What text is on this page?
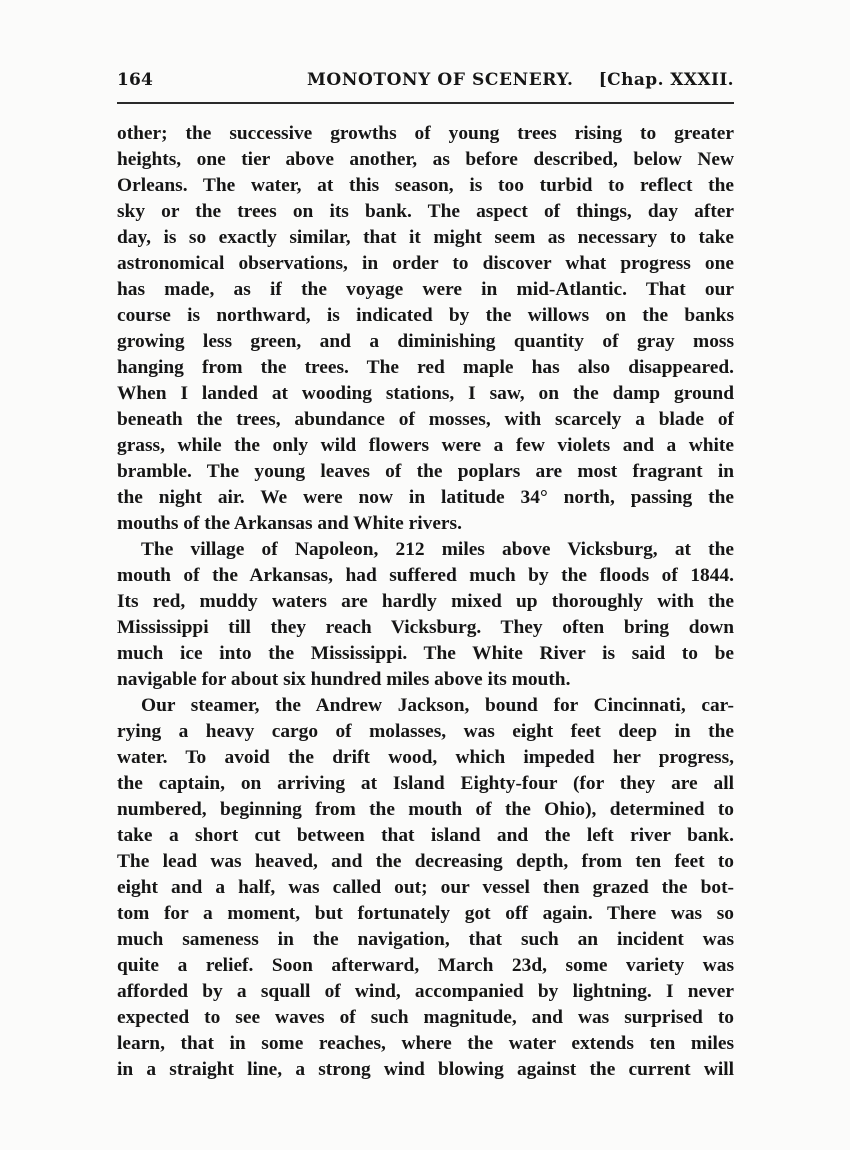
164	MONOTONY OF SCENERY. [Chap. XXXII.
other; the successive growths of young trees rising to greater
heights, one tier above another, as before described, below New
Orleans. The water, at this season, is too turbid to reflect the
sky or the trees on its bank. The aspect of things, day after
day, is so exactly similar, that it might seem as necessary to take
astronomical observations, in order to discover what progress one
has made, as if the voyage were in mid-Atlantic. That our
course is northward, is indicated by the willows on the banks
growing less green, and a diminishing quantity of gray moss
hanging from the trees. The red maple has also disappeared.
When I landed at wooding stations, I saw, on the damp ground
beneath the trees, abundance of mosses, with scarcely a blade of
grass, while the only wild flowers were a few violets and a white
bramble. The young leaves of the poplars are most fragrant in
the night air. We were now in latitude 34° north, passing the
mouths of the Arkansas and White rivers.
The village of Napoleon, 212 miles above Vicksburg, at the
mouth of the Arkansas, had suffered much by the floods of 1844.
Its red, muddy waters are hardly mixed up thoroughly with the
Mississippi till they reach Vicksburg. They often bring down
much ice into the Mississippi. The White River is said to be
navigable for about six hundred miles above its mouth.
Our steamer, the Andrew Jackson, bound for Cincinnati, car-
rying a heavy cargo of molasses, was eight feet deep in the
water. To avoid the drift wood, which impeded her progress,
the captain, on arriving at Island Eighty-four (for they are all
numbered, beginning from the mouth of the Ohio), determined to
take a short cut between that island and the left river bank.
The lead was heaved, and the decreasing depth, from ten feet to
eight and a half, was called out; our vessel then grazed the bot-
tom for a moment, but fortunately got off again. There was so
much sameness in the navigation, that such an incident was
quite a relief. Soon afterward, March 23d, some variety was
afforded by a squall of wind, accompanied by lightning. I never
expected to see waves of such magnitude, and was surprised to
learn, that in some reaches, where the water extends ten miles
in a straight line, a strong wind blowing against the current will
